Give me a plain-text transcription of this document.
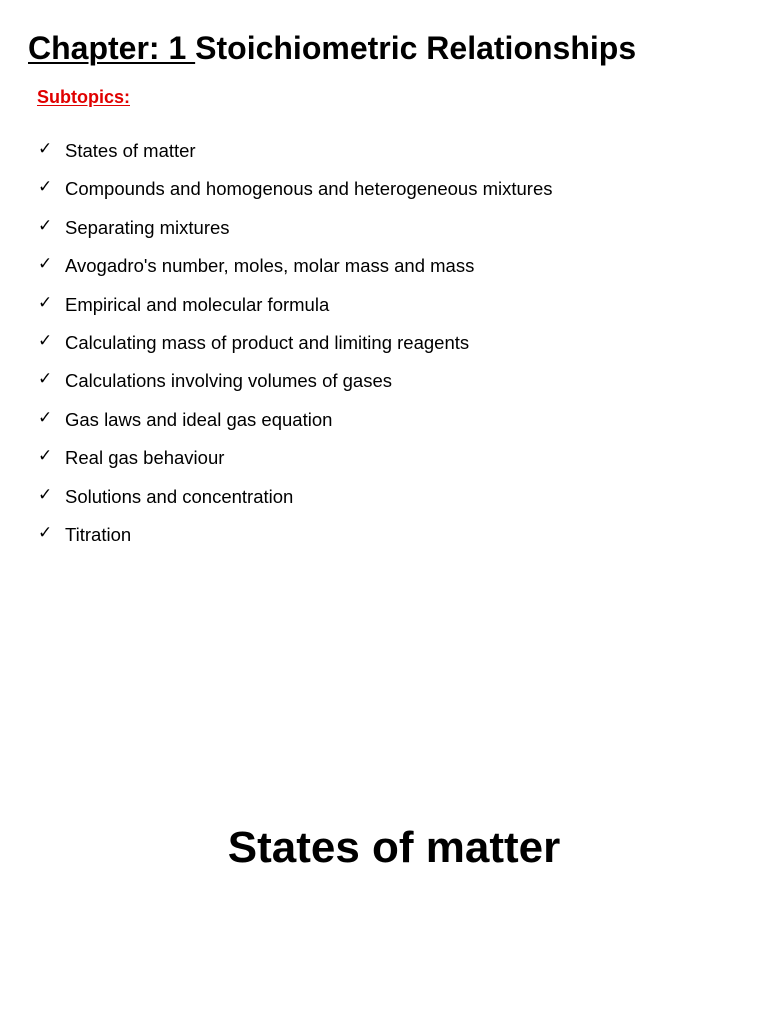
Chapter: 1 Stoichiometric Relationships

Subtopics:

✓ States of matter
✓ Compounds and homogenous and heterogeneous mixtures
✓ Separating mixtures
✓ Avogadro's number, moles, molar mass and mass
✓ Empirical and molecular formula
✓ Calculating mass of product and limiting reagents
✓ Calculations involving volumes of gases
✓ Gas laws and ideal gas equation
✓ Real gas behaviour
✓ Solutions and concentration
✓ Titration
States of matter
